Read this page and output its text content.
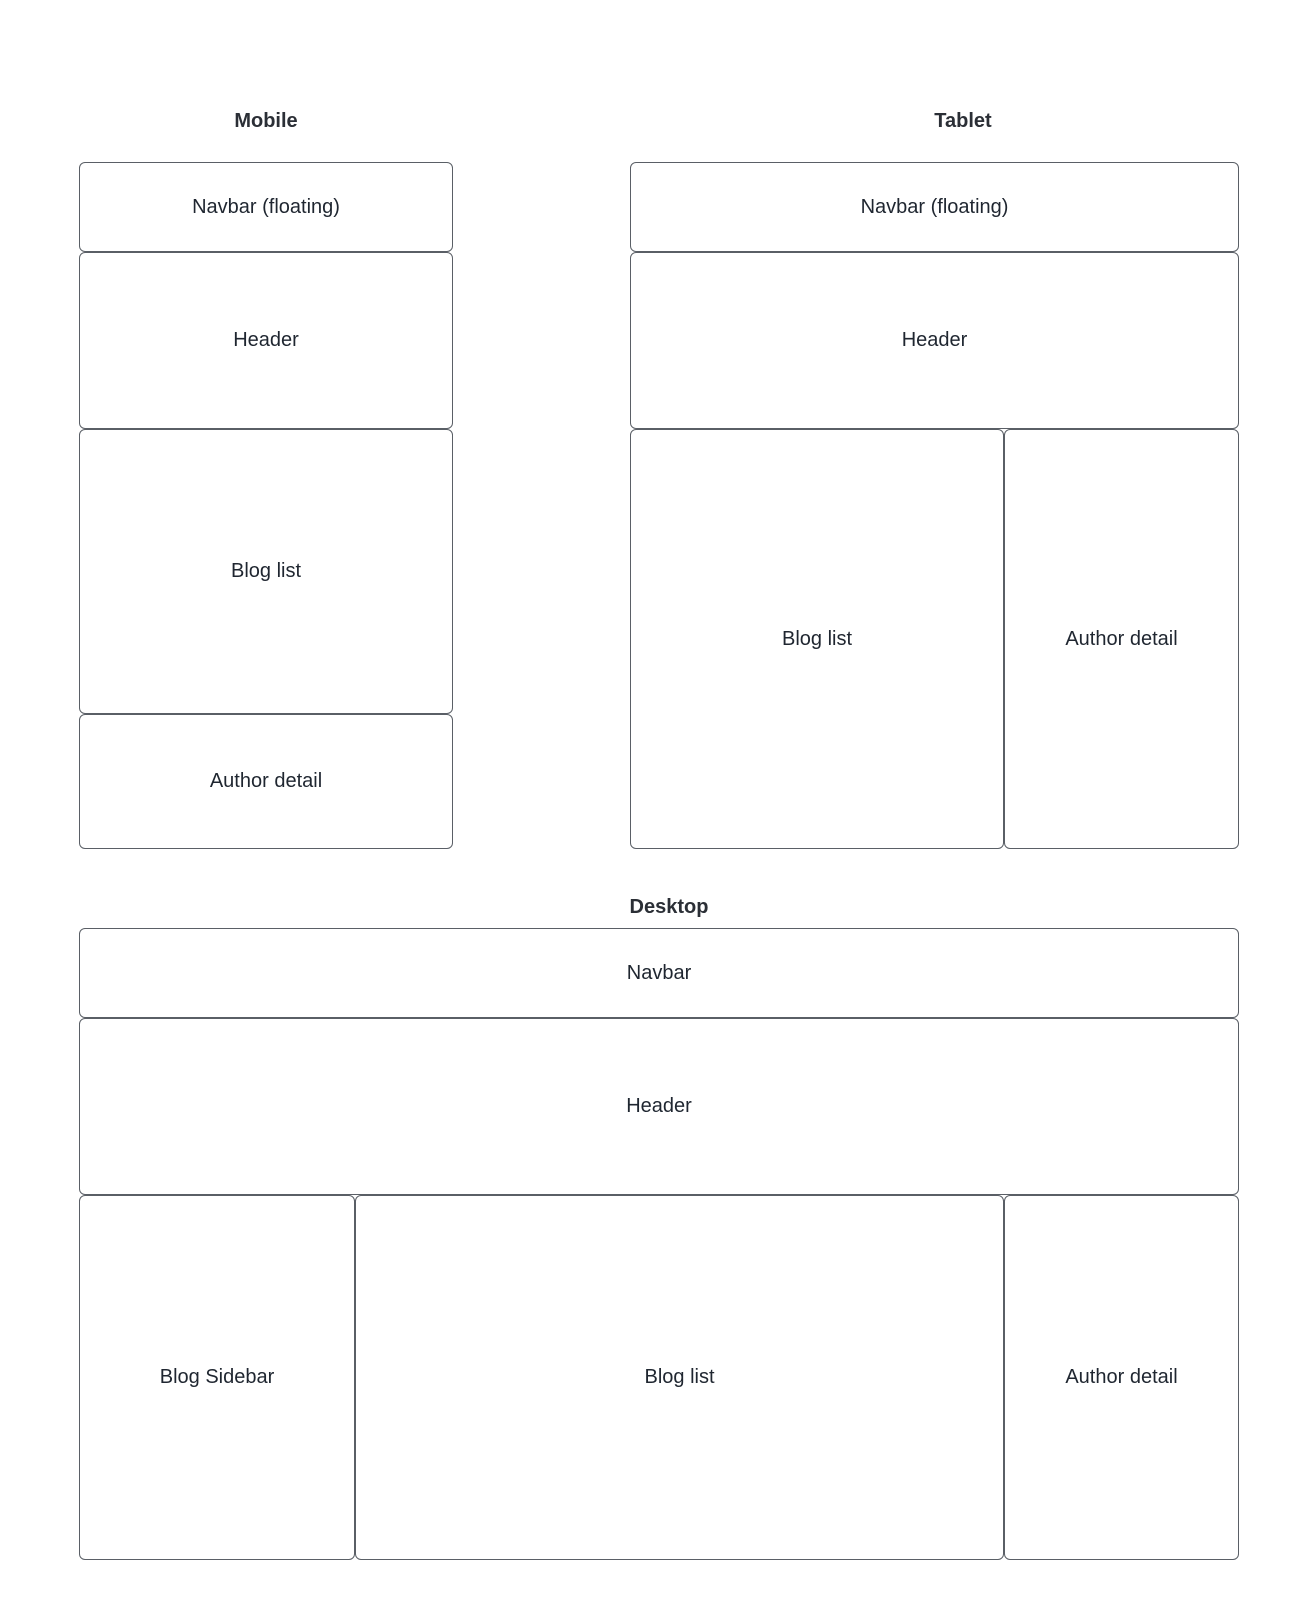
Mobile
Navbar (floating)
Header
Blog list
Author detail
Tablet
Navbar (floating)
Header
Blog list	Author detail
Desktop
Navbar
Header
Blog Sidebar	Blog list	Author detail
